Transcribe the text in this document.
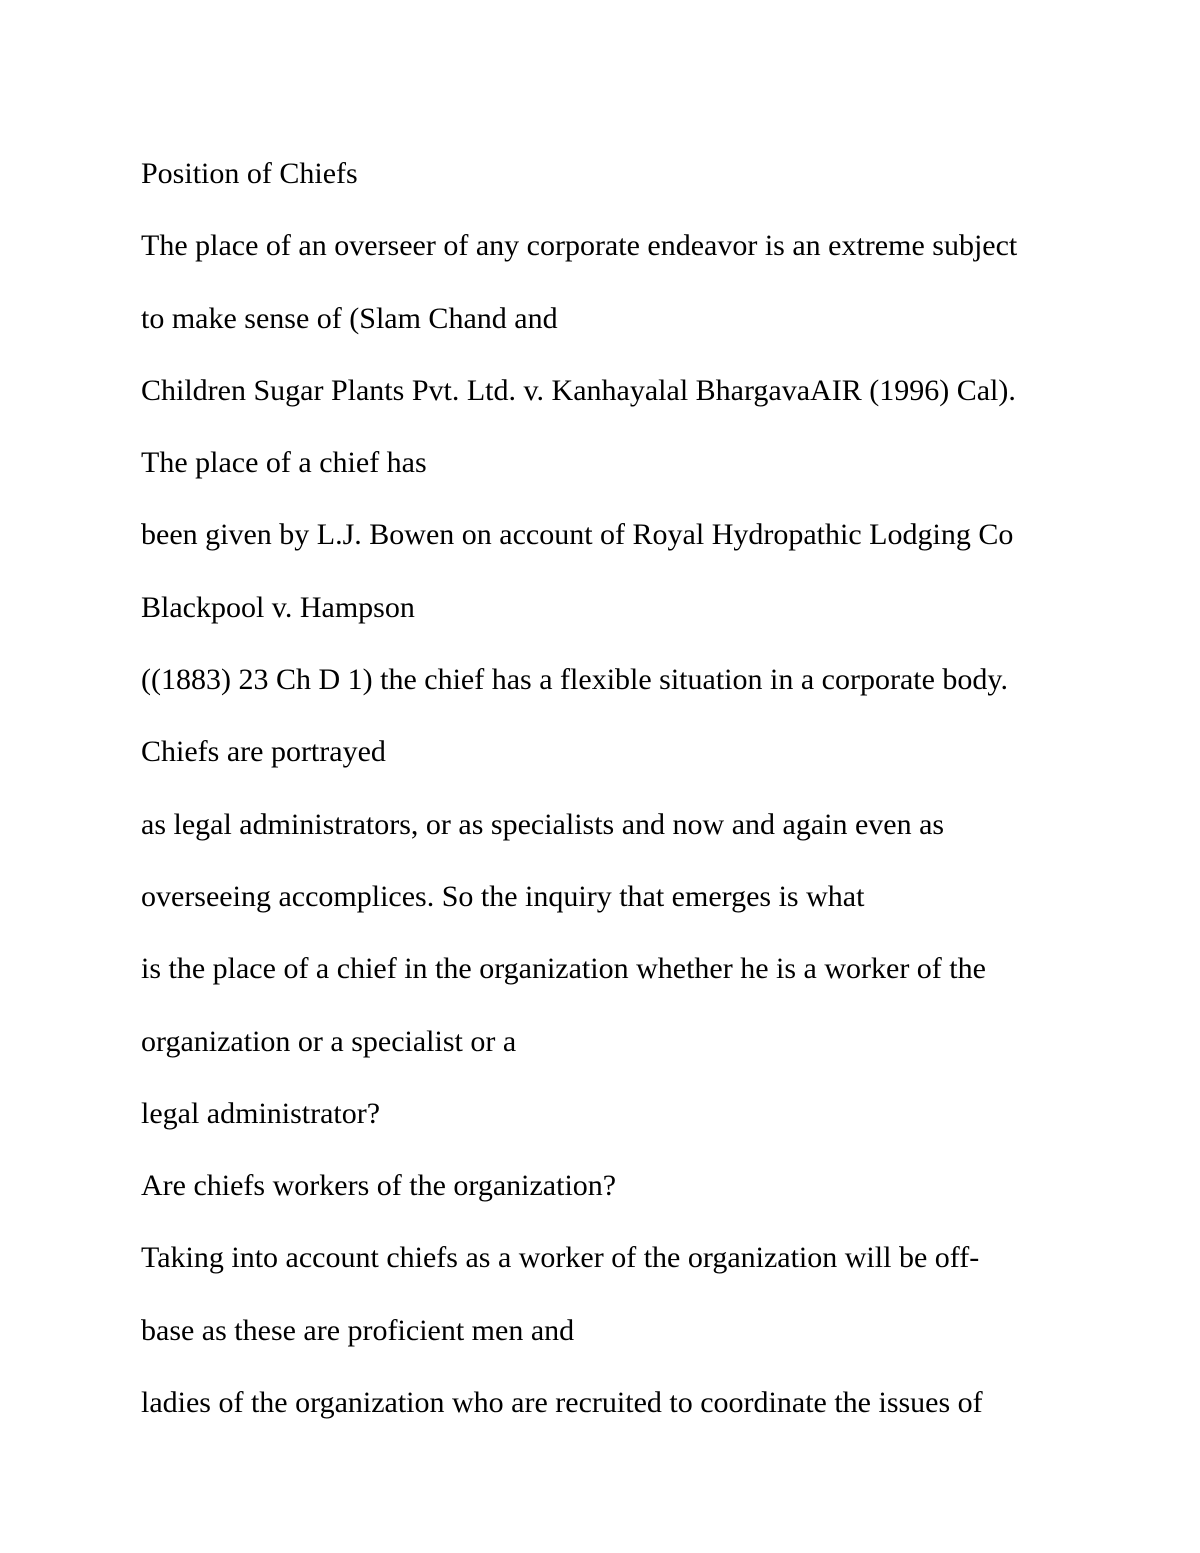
Position of Chiefs
The place of an overseer of any corporate endeavor is an extreme subject
to make sense of (Slam Chand and
Children Sugar Plants Pvt. Ltd. v. Kanhayalal BhargavaAIR (1996) Cal).
The place of a chief has
been given by L.J. Bowen on account of Royal Hydropathic Lodging Co
Blackpool v. Hampson
((1883) 23 Ch D 1) the chief has a flexible situation in a corporate body.
Chiefs are portrayed
as legal administrators, or as specialists and now and again even as
overseeing accomplices. So the inquiry that emerges is what
is the place of a chief in the organization whether he is a worker of the
organization or a specialist or a
legal administrator?
Are chiefs workers of the organization?
Taking into account chiefs as a worker of the organization will be off-
base as these are proficient men and
ladies of the organization who are recruited to coordinate the issues of
